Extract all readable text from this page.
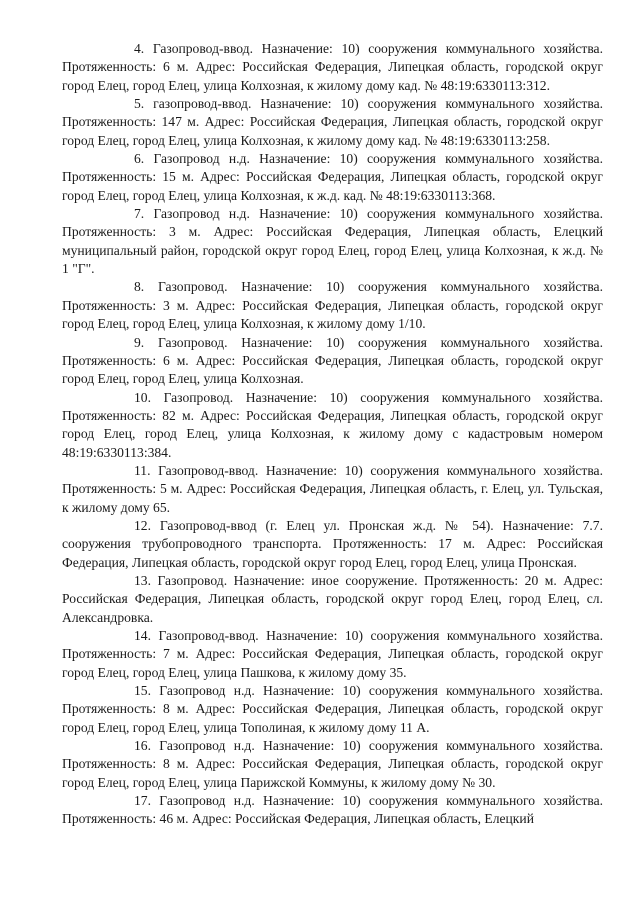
4. Газопровод-ввод. Назначение: 10) сооружения коммунального хозяйства. Протяженность: 6 м. Адрес: Российская Федерация, Липецкая область, городской округ город Елец, город Елец, улица Колхозная, к жилому дому кад. № 48:19:6330113:312.

5. газопровод-ввод. Назначение: 10) сооружения коммунального хозяйства. Протяженность: 147 м. Адрес: Российская Федерация, Липецкая область, городской округ город Елец, город Елец, улица Колхозная, к жилому дому кад. № 48:19:6330113:258.

6. Газопровод н.д. Назначение: 10) сооружения коммунального хозяйства. Протяженность: 15 м. Адрес: Российская Федерация, Липецкая область, городской округ город Елец, город Елец, улица Колхозная, к ж.д. кад. № 48:19:6330113:368.

7. Газопровод н.д. Назначение: 10) сооружения коммунального хозяйства. Протяженность: 3 м. Адрес: Российская Федерация, Липецкая область, Елецкий муниципальный район, городской округ город Елец, город Елец, улица Колхозная, к ж.д. № 1 "Г".

8. Газопровод. Назначение: 10) сооружения коммунального хозяйства. Протяженность: 3 м. Адрес: Российская Федерация, Липецкая область, городской округ город Елец, город Елец, улица Колхозная, к жилому дому 1/10.

9. Газопровод. Назначение: 10) сооружения коммунального хозяйства. Протяженность: 6 м. Адрес: Российская Федерация, Липецкая область, городской округ город Елец, город Елец, улица Колхозная.

10. Газопровод. Назначение: 10) сооружения коммунального хозяйства. Протяженность: 82 м. Адрес: Российская Федерация, Липецкая область, городской округ город Елец, город Елец, улица Колхозная, к жилому дому с кадастровым номером 48:19:6330113:384.

11. Газопровод-ввод. Назначение: 10) сооружения коммунального хозяйства. Протяженность: 5 м. Адрес: Российская Федерация, Липецкая область, г. Елец, ул. Тульская, к жилому дому 65.

12. Газопровод-ввод (г. Елец ул. Пронская ж.д. № 54). Назначение: 7.7. сооружения трубопроводного транспорта. Протяженность: 17 м. Адрес: Российская Федерация, Липецкая область, городской округ город Елец, город Елец, улица Пронская.

13. Газопровод. Назначение: иное сооружение. Протяженность: 20 м. Адрес: Российская Федерация, Липецкая область, городской округ город Елец, город Елец, сл. Александровка.

14. Газопровод-ввод. Назначение: 10) сооружения коммунального хозяйства. Протяженность: 7 м. Адрес: Российская Федерация, Липецкая область, городской округ город Елец, город Елец, улица Пашкова, к жилому дому 35.

15. Газопровод н.д. Назначение: 10) сооружения коммунального хозяйства. Протяженность: 8 м. Адрес: Российская Федерация, Липецкая область, городской округ город Елец, город Елец, улица Тополиная, к жилому дому 11 А.

16. Газопровод н.д. Назначение: 10) сооружения коммунального хозяйства. Протяженность: 8 м. Адрес: Российская Федерация, Липецкая область, городской округ город Елец, город Елец, улица Парижской Коммуны, к жилому дому № 30.

17. Газопровод н.д. Назначение: 10) сооружения коммунального хозяйства. Протяженность: 46 м. Адрес: Российская Федерация, Липецкая область, Елецкий
